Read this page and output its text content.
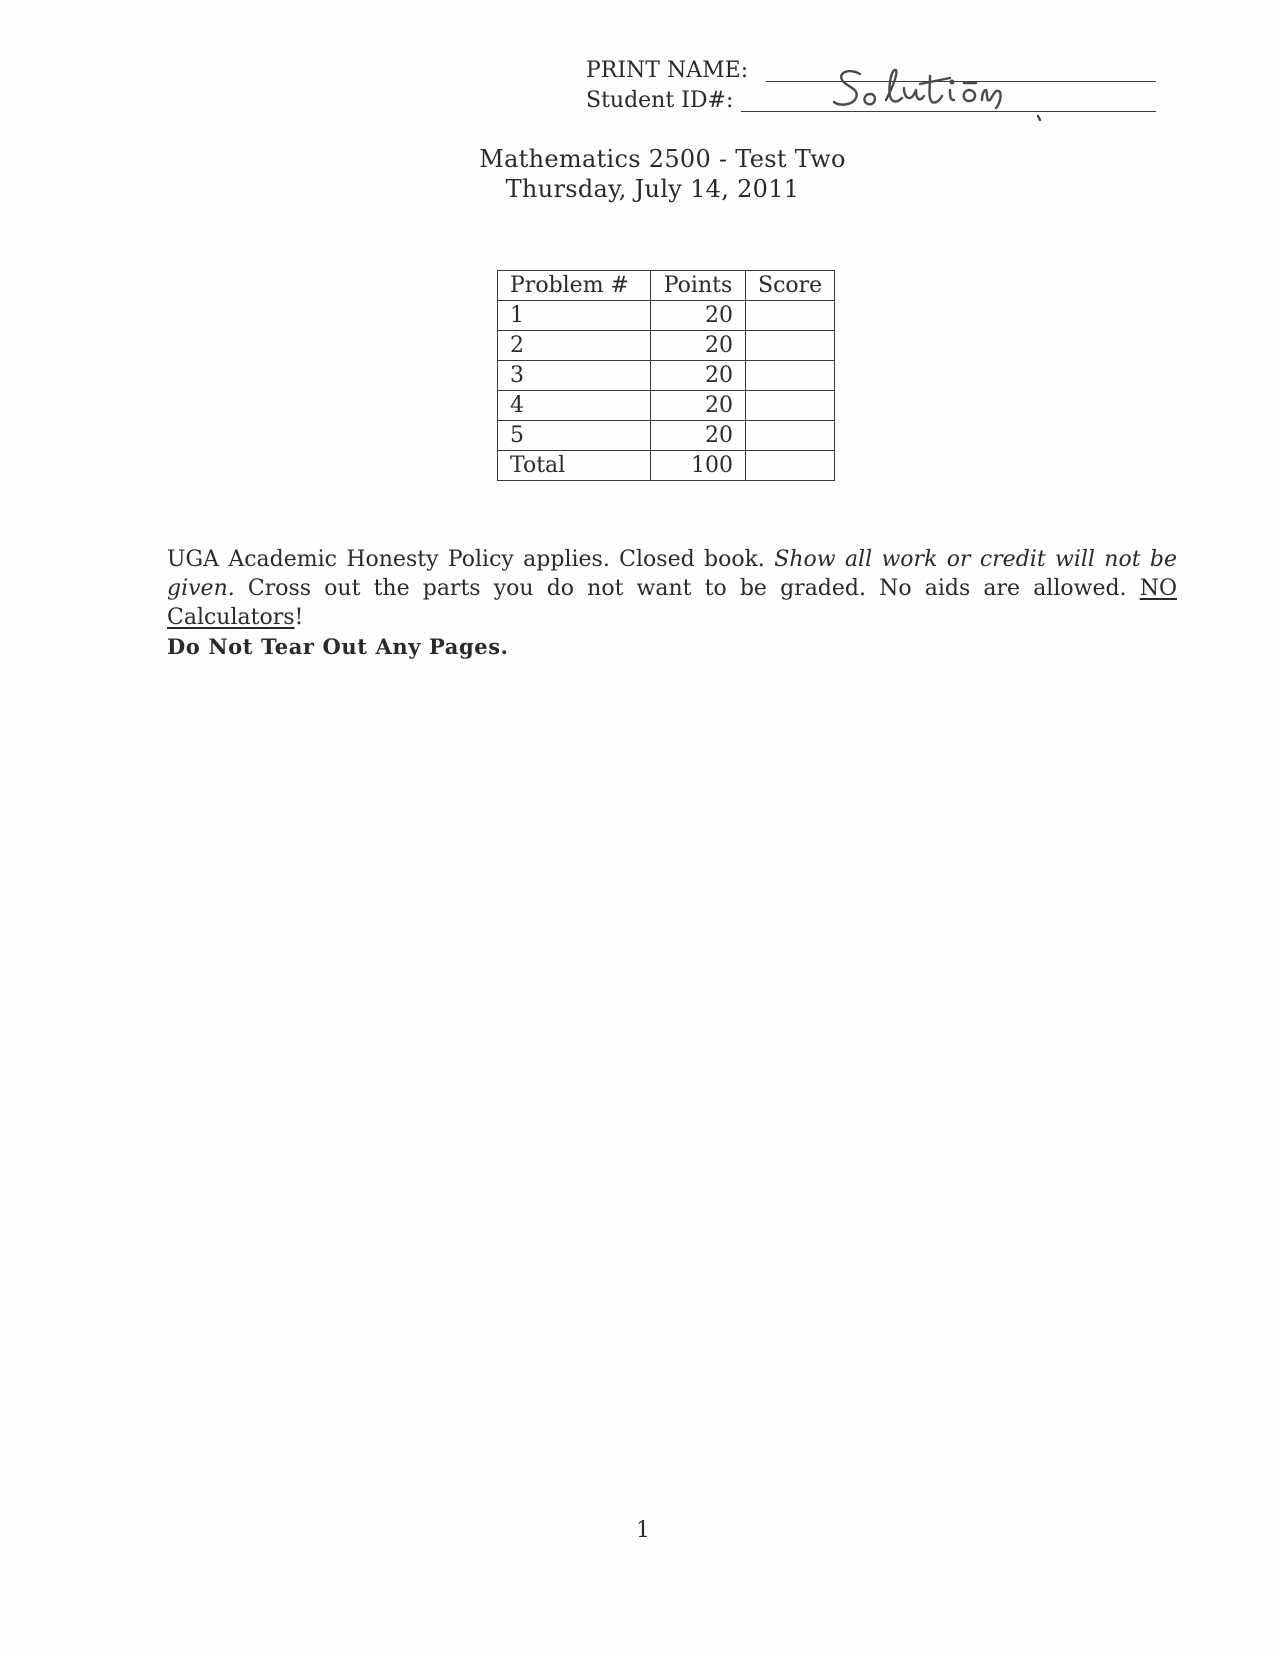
PRINT NAME:
Student ID#:
Mathematics 2500 - Test Two
Thursday, July 14, 2011
Problem #	Points	Score
1	20	
2	20	
3	20	
4	20	
5	20	
Total	100	
UGA Academic Honesty Policy applies. Closed book. Show all work or credit will not be given. Cross out the parts you do not want to be graded. No aids are allowed. NO Calculators!
Do Not Tear Out Any Pages.
1
